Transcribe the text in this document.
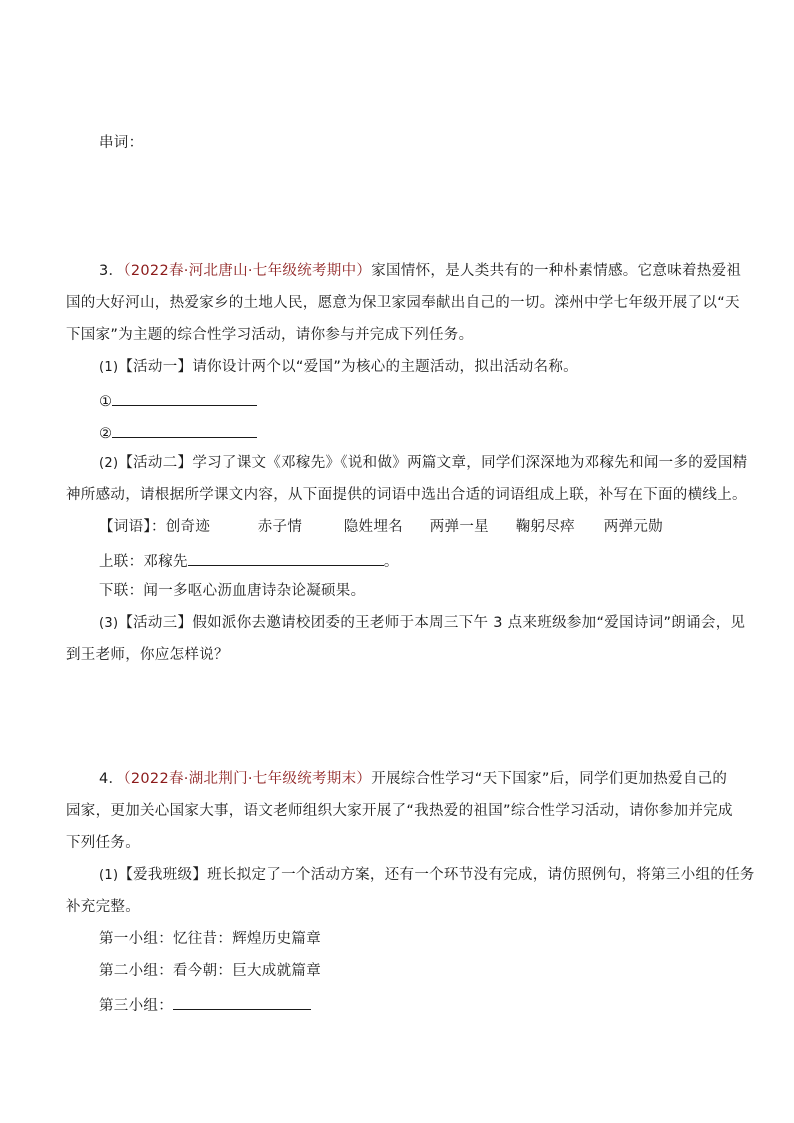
串词：
3．（2022春·河北唐山·七年级统考期中）家国情怀，是人类共有的一种朴素情感。它意味着热爱祖
国的大好河山，热爱家乡的土地人民，愿意为保卫家园奉献出自己的一切。滦州中学七年级开展了以“天
下国家”为主题的综合性学习活动，请你参与并完成下列任务。
(1)【活动一】请你设计两个以“爱国”为核心的主题活动，拟出活动名称。
①
②
(2)【活动二】学习了课文《邓稼先》《说和做》两篇文章，同学们深深地为邓稼先和闻一多的爱国精
神所感动，请根据所学课文内容，从下面提供的词语中选出合适的词语组成上联，补写在下面的横线上。
【词语】：创奇迹	赤子情	隐姓埋名 两弹一星 鞠躬尽瘁 两弹元勋
上联：邓稼先	。
下联：闻一多呕心沥血唐诗杂论凝硕果。
(3)【活动三】假如派你去邀请校团委的王老师于本周三下午 3 点来班级参加“爱国诗词”朗诵会，见
到王老师，你应怎样说？
4．（2022春·湖北荆门·七年级统考期末）开展综合性学习“天下国家”后，同学们更加热爱自己的
园家，更加关心国家大事，语文老师组织大家开展了“我热爱的祖国”综合性学习活动，请你参加并完成
下列任务。
(1)【爱我班级】班长拟定了一个活动方案，还有一个环节没有完成，请仿照例句，将第三小组的任务
补充完整。
第一小组：忆往昔：辉煌历史篇章
第二小组：看今朝：巨大成就篇章
第三小组：
